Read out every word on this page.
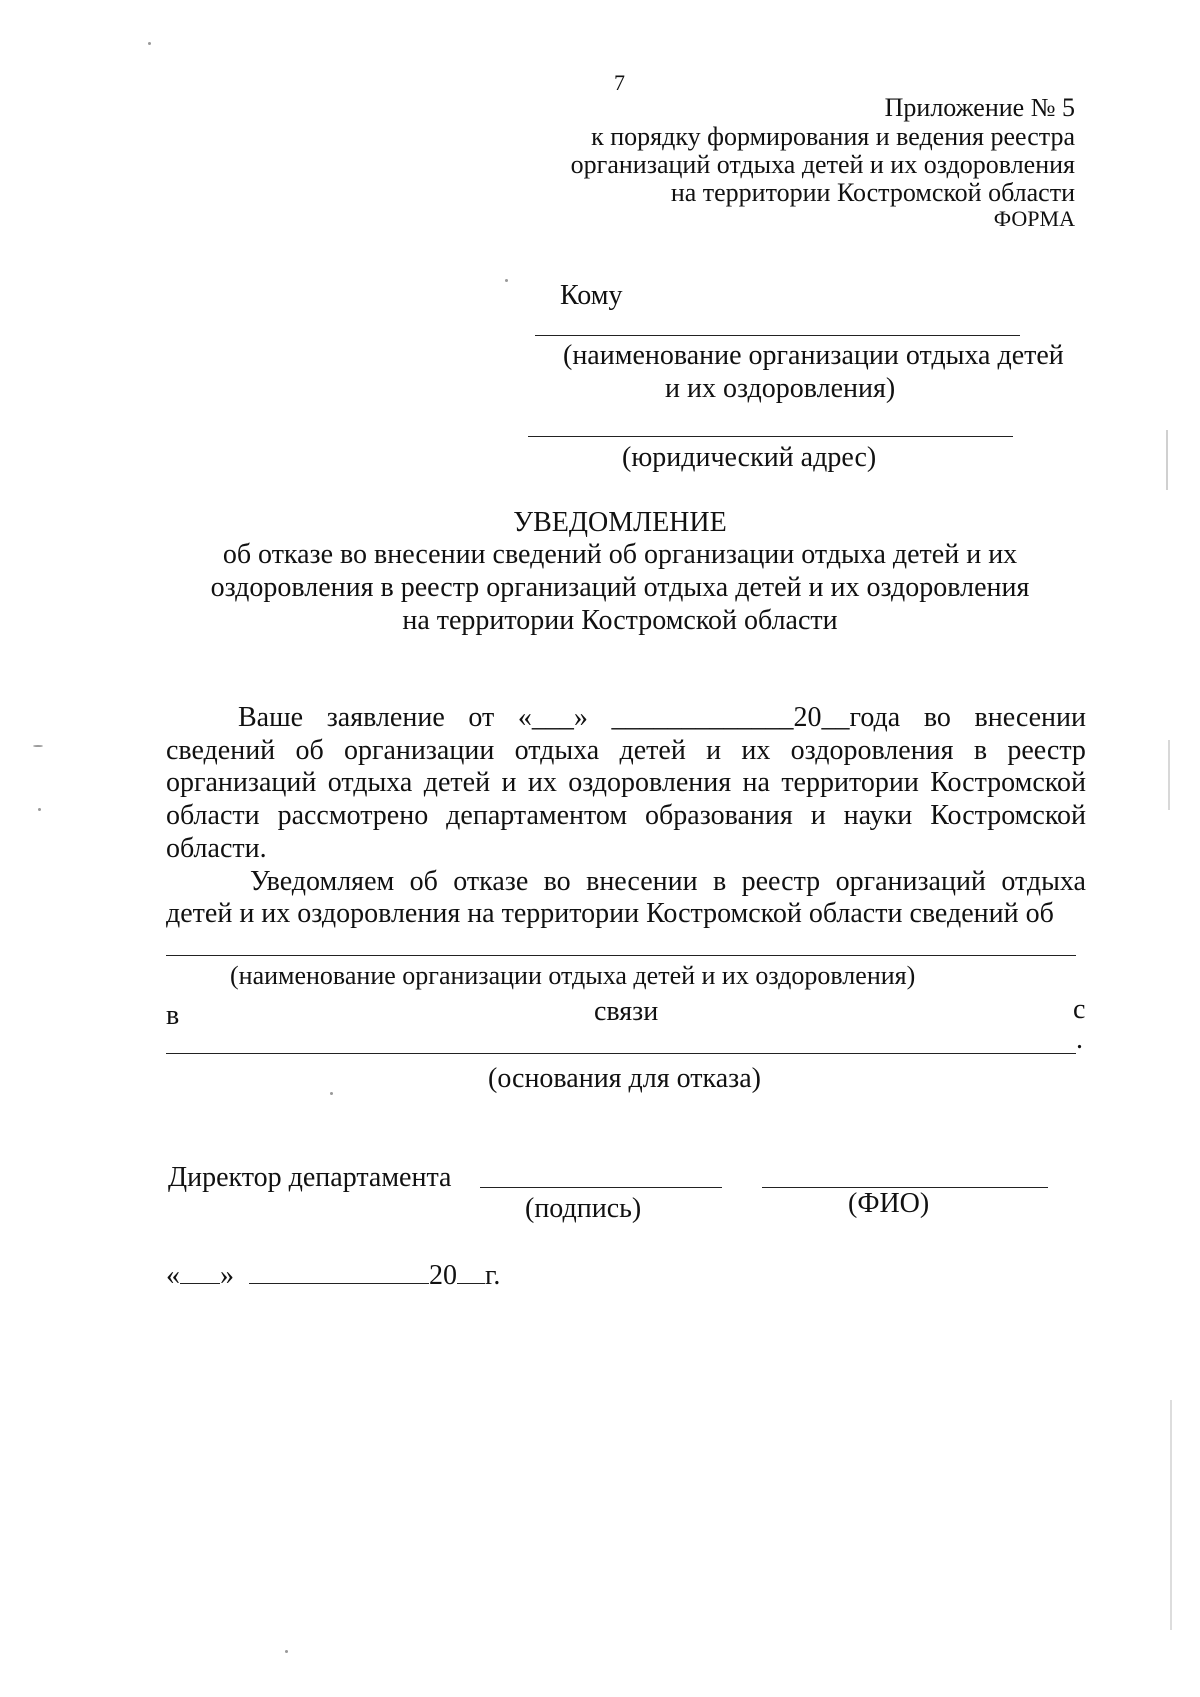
7
Приложение № 5
к порядку формирования и ведения реестра
организаций отдыха детей и их оздоровления
на территории Костромской области
ФОРМА
Кому
(наименование организации отдыха детей
и их оздоровления)
(юридический адрес)
УВЕДОМЛЕНИЕ
об отказе во внесении сведений об организации отдыха детей и их
оздоровления в реестр организаций отдыха детей и их оздоровления
на территории Костромской области
Ваше заявление от «___» _____________20__года во внесении
сведений об организации отдыха детей и их оздоровления в реестр
организаций отдыха детей и их оздоровления на территории Костромской
области рассмотрено департаментом образования и науки Костромской
области.
Уведомляем об отказе во внесении в реестр организаций отдыха
детей и их оздоровления на территории Костромской области сведений об
(наименование организации отдыха детей и их оздоровления)
в	связи	с
.
(основания для отказа)
Директор департамента
(подпись)	(ФИО)
« »	20 г.
